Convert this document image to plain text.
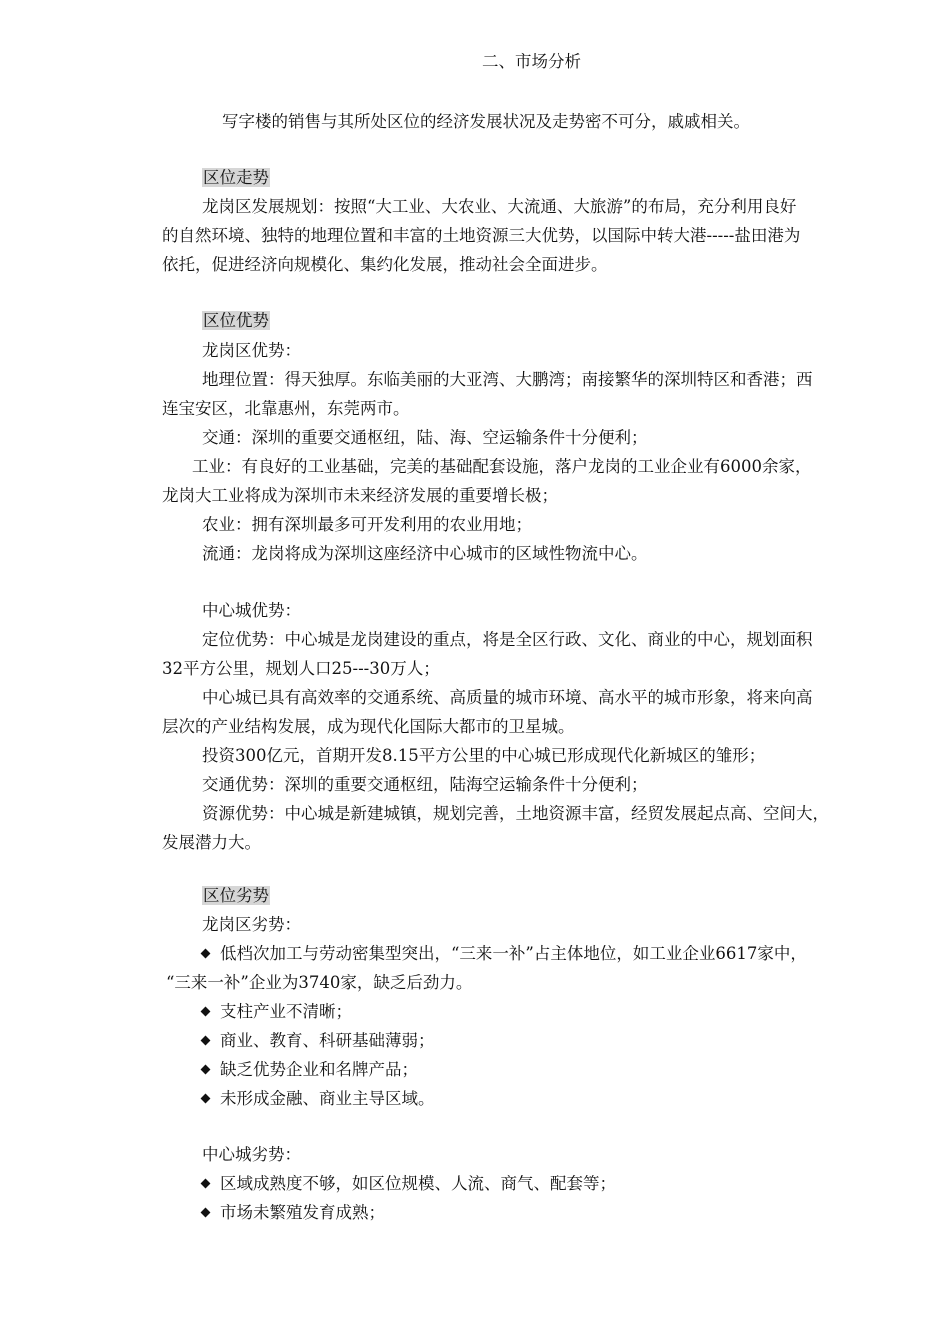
二、市场分析
写字楼的销售与其所处区位的经济发展状况及走势密不可分，戚戚相关。
区位走势
龙岗区发展规划：按照“大工业、大农业、大流通、大旅游”的布局，充分利用良好
的自然环境、独特的地理位置和丰富的土地资源三大优势，以国际中转大港-----盐田港为
依托，促进经济向规模化、集约化发展，推动社会全面进步。
区位优势
龙岗区优势：
地理位置：得天独厚。东临美丽的大亚湾、大鹏湾；南接繁华的深圳特区和香港；西
连宝安区，北靠惠州，东莞两市。
交通：深圳的重要交通枢纽，陆、海、空运输条件十分便利；
工业：有良好的工业基础，完美的基础配套设施，落户龙岗的工业企业有6000余家，
龙岗大工业将成为深圳市未来经济发展的重要增长极；
农业：拥有深圳最多可开发利用的农业用地；
流通：龙岗将成为深圳这座经济中心城市的区域性物流中心。
中心城优势：
定位优势：中心城是龙岗建设的重点，将是全区行政、文化、商业的中心，规划面积
32平方公里，规划人口25---30万人；
中心城已具有高效率的交通系统、高质量的城市环境、高水平的城市形象，将来向高
层次的产业结构发展，成为现代化国际大都市的卫星城。
投资300亿元，首期开发8.15平方公里的中心城已形成现代化新城区的雏形；
交通优势：深圳的重要交通枢纽，陆海空运输条件十分便利；
资源优势：中心城是新建城镇，规划完善，土地资源丰富，经贸发展起点高、空间大，
发展潜力大。
区位劣势
龙岗区劣势：
低档次加工与劳动密集型突出，“三来一补”占主体地位，如工业企业6617家中，
“三来一补”企业为3740家，缺乏后劲力。
支柱产业不清晰；
商业、教育、科研基础薄弱；
缺乏优势企业和名牌产品；
未形成金融、商业主导区域。
中心城劣势：
区域成熟度不够，如区位规模、人流、商气、配套等；
市场未繁殖发育成熟；
